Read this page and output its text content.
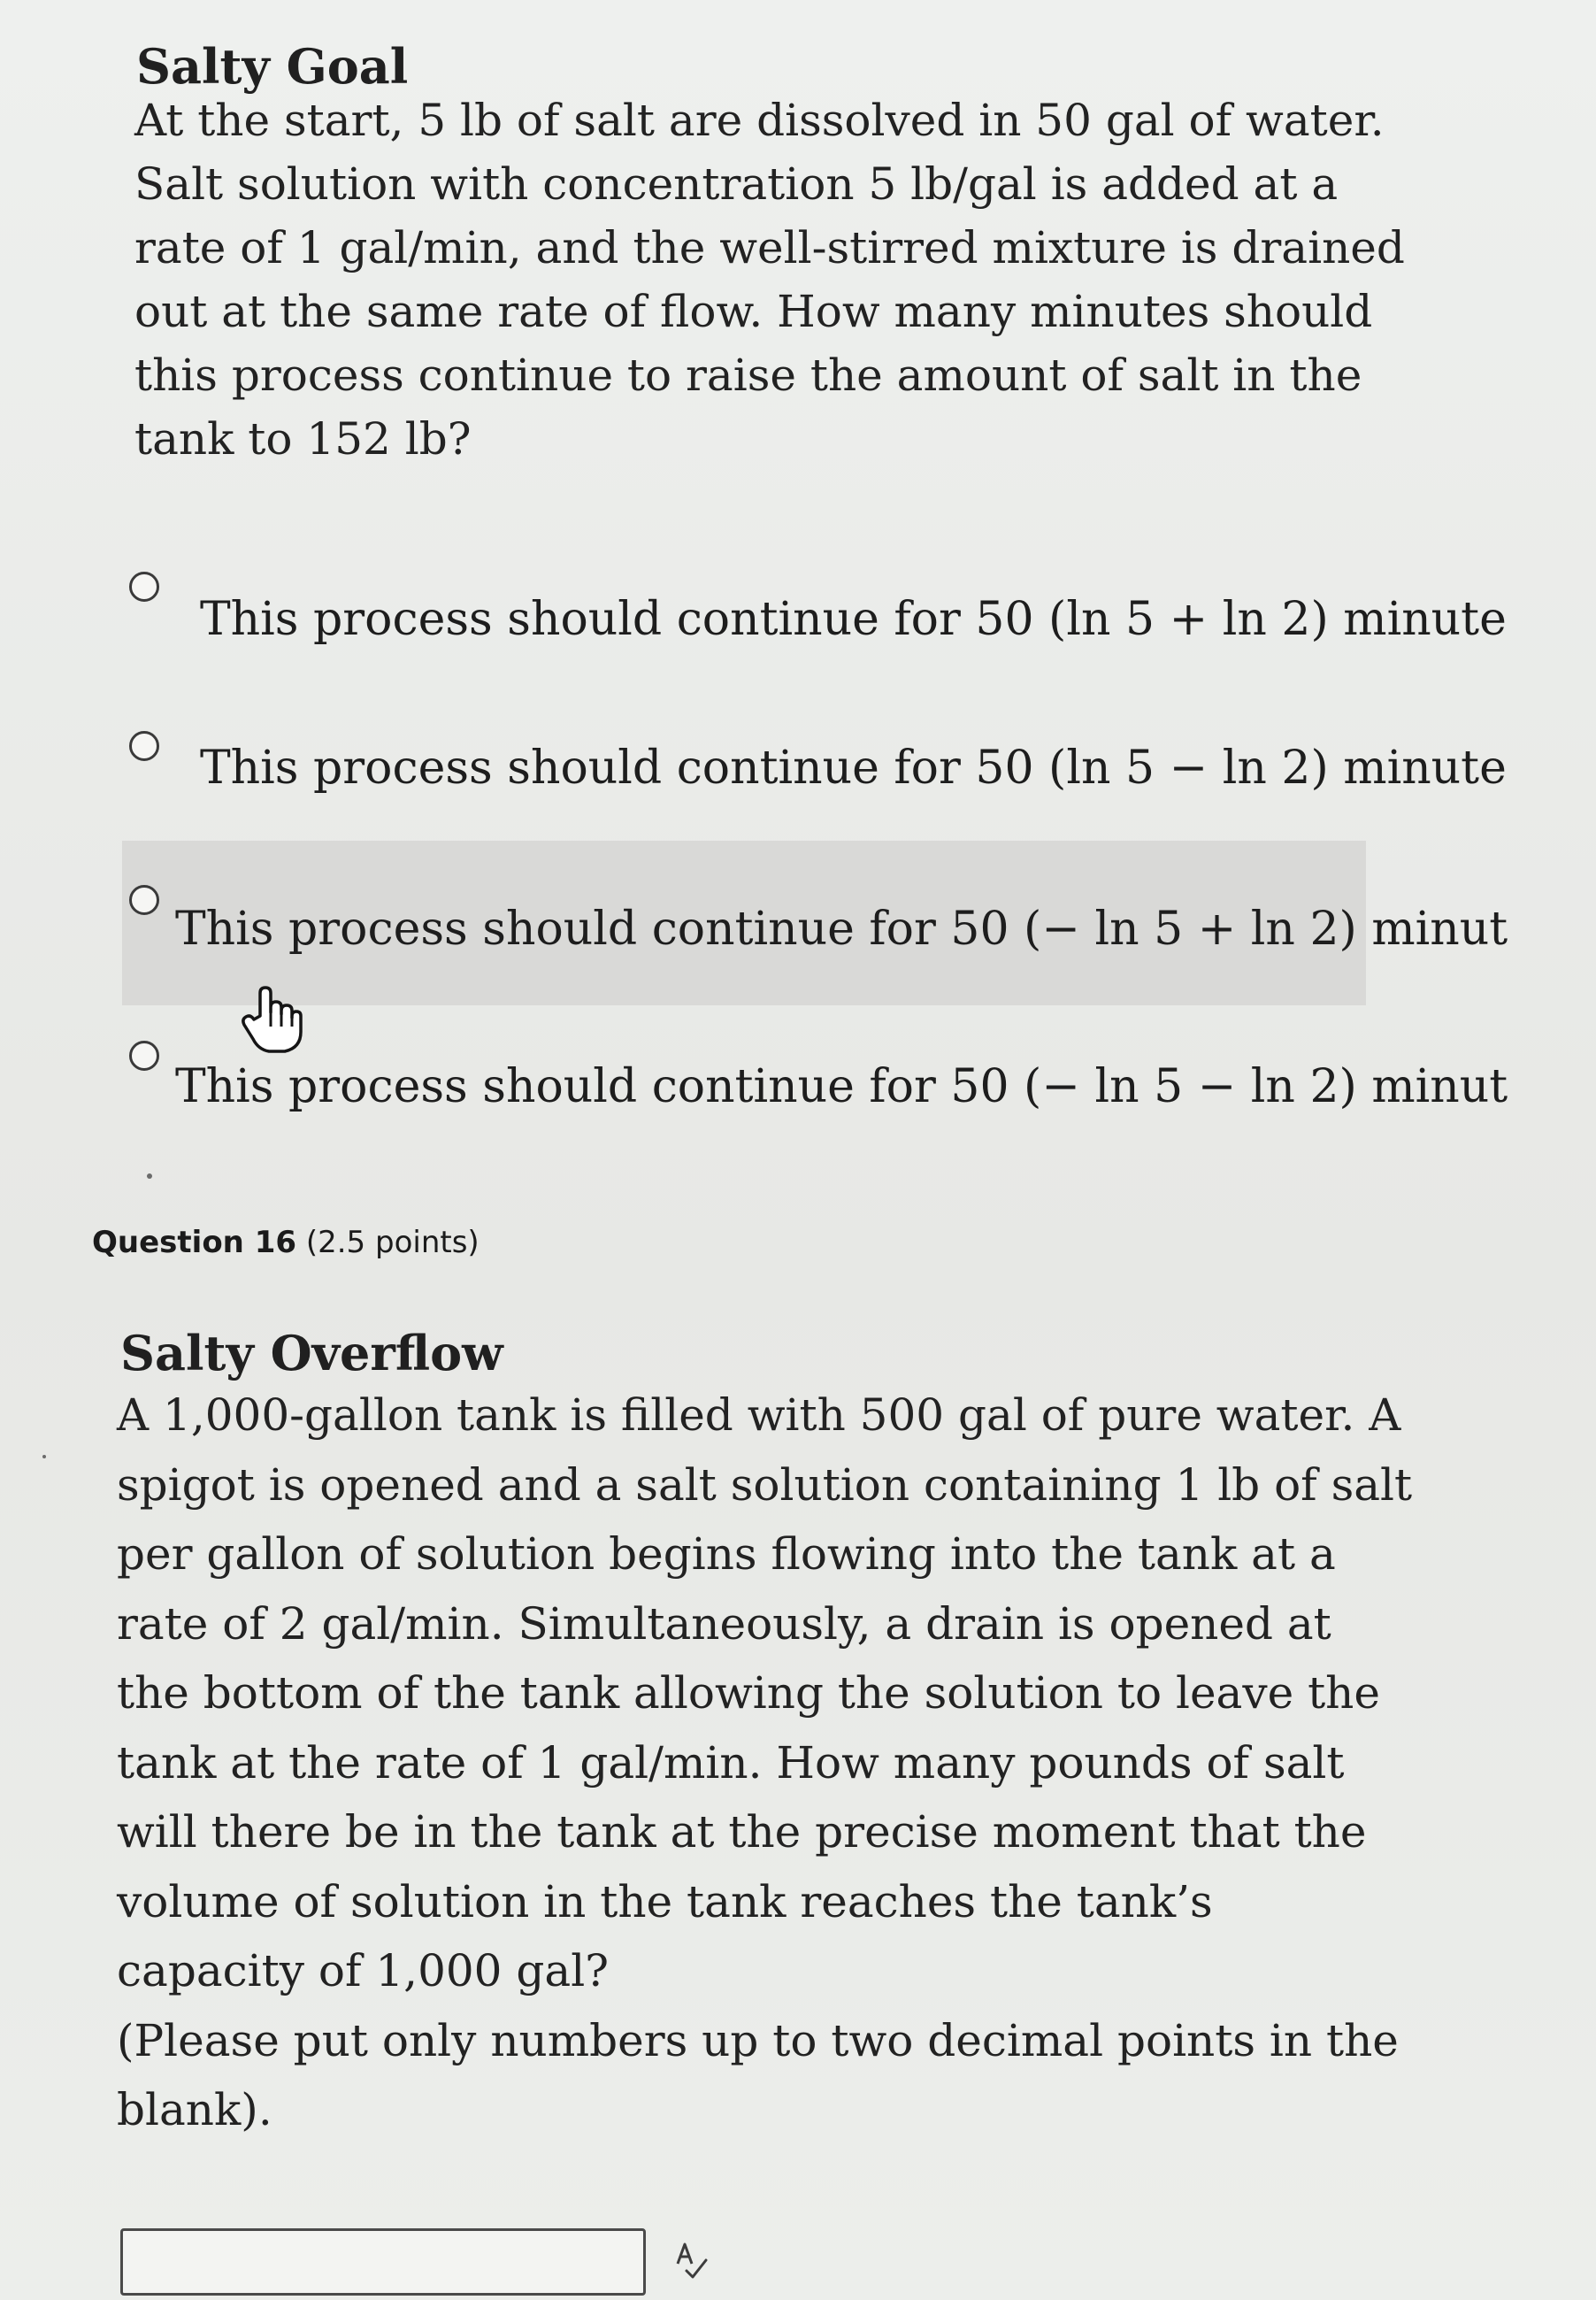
Salty Goal

At the start, 5 lb of salt are dissolved in 50 gal of water.

Salt solution with concentration 5 lb/gal is added at a

rate of 1 gal/min, and the well-stirred mixture is drained

out at the same rate of flow. How many minutes should

this process continue to raise the amount of salt in the

tank to 152 lb?

This process should continue for 50 (ln 5 + ln 2) minute
This process should continue for 50 (ln 5 − ln 2) minute
This process should continue for 50 (− ln 5 + ln 2) minut
This process should continue for 50 (− ln 5 − ln 2) minut
Question 16 (2.5 points)
Salty Overflow

A 1,000-gallon tank is filled with 500 gal of pure water. A

spigot is opened and a salt solution containing 1 lb of salt

per gallon of solution begins flowing into the tank at a

rate of 2 gal/min. Simultaneously, a drain is opened at

the bottom of the tank allowing the solution to leave the

tank at the rate of 1 gal/min. How many pounds of salt

will there be in the tank at the precise moment that the

volume of solution in the tank reaches the tank’s

capacity of 1,000 gal?

(Please put only numbers up to two decimal points in the

blank).
